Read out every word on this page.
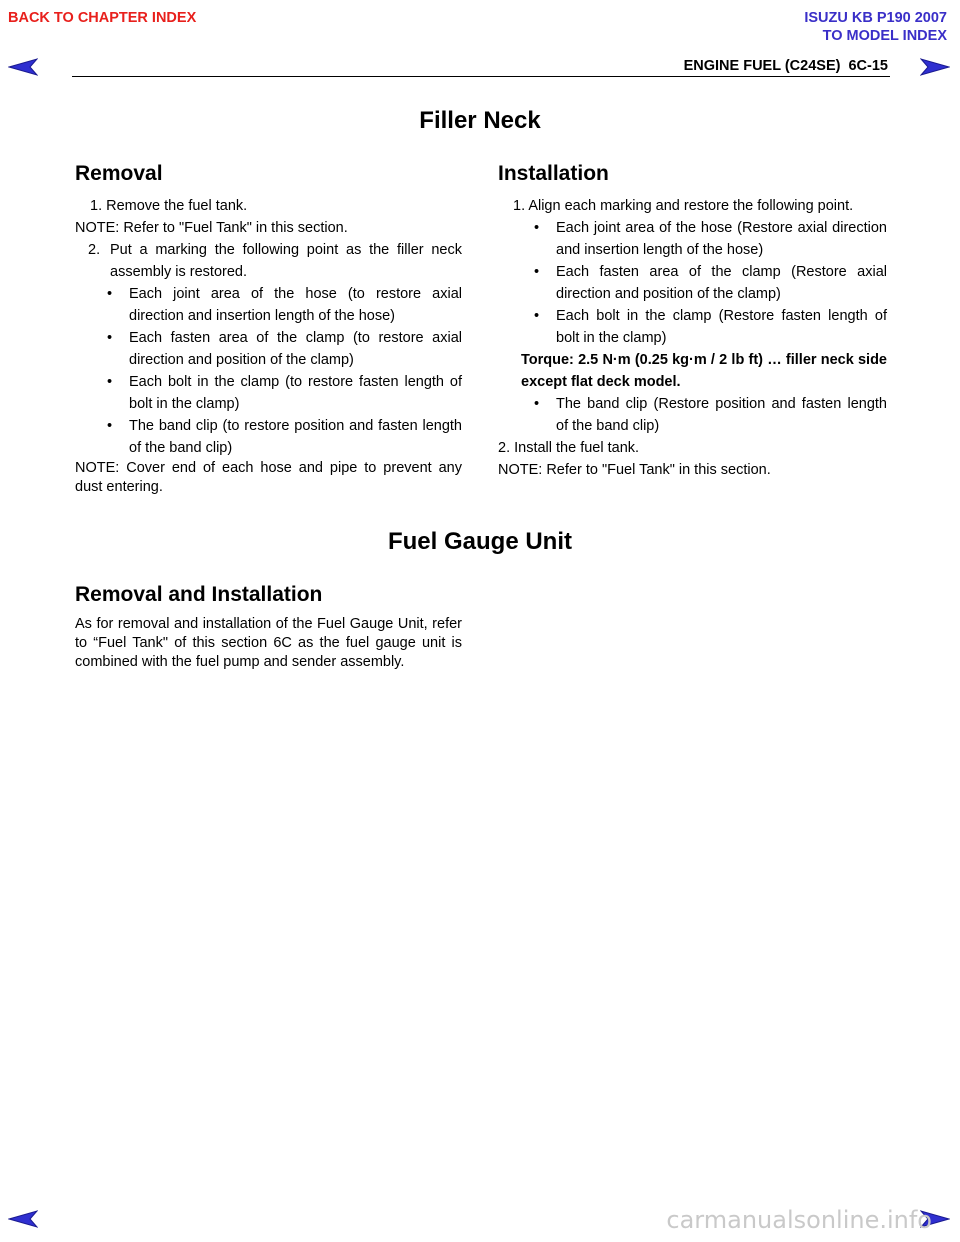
BACK TO CHAPTER INDEX	ISUZU KB P190 2007
TO MODEL INDEX
ENGINE FUEL (C24SE)  6C-15
Filler Neck
Removal

1. Remove the fuel tank.

NOTE: Refer to "Fuel Tank" in this section.

2. Put a marking the following point as the filler neck assembly is restored.
•	Each joint area of the hose (to restore axial direction and insertion length of the hose)
•	Each fasten area of the clamp (to restore axial direction and position of the clamp)
•	Each bolt in the clamp (to restore fasten length of bolt in the clamp)
•	The band clip (to restore position and fasten length of the band clip)

NOTE: Cover end of each hose and pipe to prevent any dust entering.

Installation

1. Align each marking and restore the following point.

•	Each joint area of the hose (Restore axial direction and insertion length of the hose)
•	Each fasten area of the clamp (Restore axial direction and position of the clamp)
•	Each bolt in the clamp (Restore fasten length of bolt in the clamp)

Torque: 2.5 N·m (0.25 kg·m / 2 lb ft) … filler neck side except flat deck model.

•	The band clip (Restore position and fasten length of the band clip)

2. Install the fuel tank.

NOTE: Refer to "Fuel Tank" in this section.

Fuel Gauge Unit
Removal and Installation
As for removal and installation of the Fuel Gauge Unit, refer to “Fuel Tank" of this section 6C as the fuel gauge unit is combined with the fuel pump and sender assembly.
carmanualsonline.info
